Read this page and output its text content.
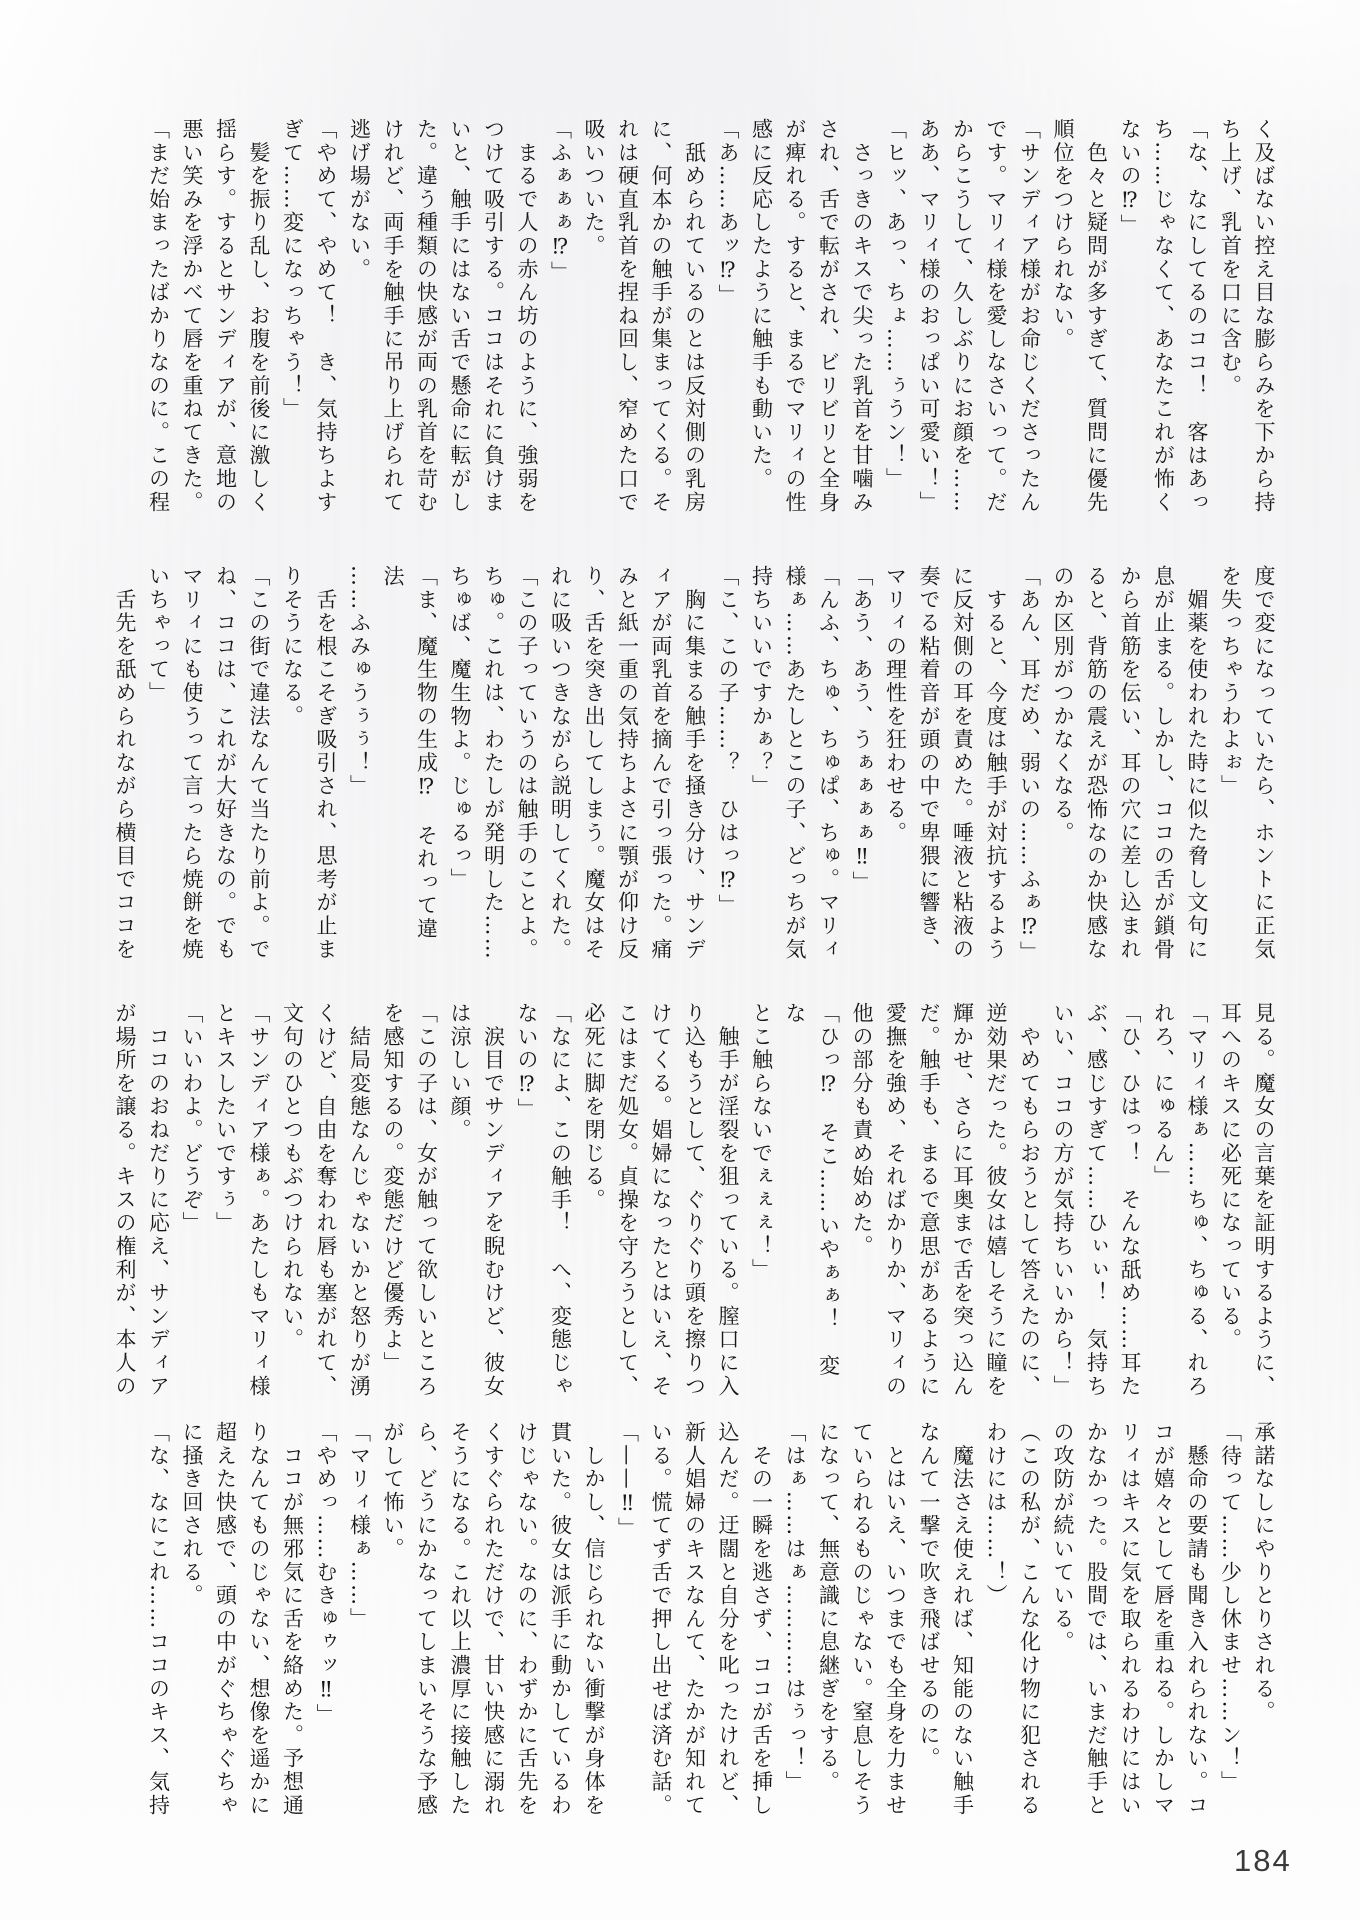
く及ばない控え目な膨らみを下から持

ち上げ、乳首を口に含む。

「な、なにしてるのココ！　客はあっ

ち……じゃなくて、あなたこれが怖く

ないの⁉」

　色々と疑問が多すぎて、質問に優先

順位をつけられない。

「サンディア様がお命じくださったん

です。マリィ様を愛しなさいって。だ

からこうして、久しぶりにお顔を……

ああ、マリィ様のおっぱい可愛い！」

「ヒッ、あっ、ちょ……ぅうン！」

　さっきのキスで尖った乳首を甘噛み

され、舌で転がされ、ビリビリと全身

が痺れる。すると、まるでマリィの性

感に反応したように触手も動いた。

「あ……あッ⁉」

　舐められているのとは反対側の乳房

に、何本かの触手が集まってくる。そ

れは硬直乳首を捏ね回し、窄めた口で

吸いついた。

「ふぁぁぁ⁉」

　まるで人の赤ん坊のように、強弱を

つけて吸引する。ココはそれに負けま

いと、触手にはない舌で懸命に転がし

た。違う種類の快感が両の乳首を苛む

けれど、両手を触手に吊り上げられて

逃げ場がない。

「やめて、やめて！　き、気持ちよす

ぎて……変になっちゃう！」

　髪を振り乱し、お腹を前後に激しく

揺らす。するとサンディアが、意地の

悪い笑みを浮かべて唇を重ねてきた。

「まだ始まったばかりなのに。この程

度で変になっていたら、ホントに正気

を失っちゃうわよぉ」

　媚薬を使われた時に似た脅し文句に

息が止まる。しかし、ココの舌が鎖骨

から首筋を伝い、耳の穴に差し込まれ

ると、背筋の震えが恐怖なのか快感な

のか区別がつかなくなる。

「あん、耳だめ、弱いの……ふぁ⁉」

　すると、今度は触手が対抗するよう

に反対側の耳を責めた。唾液と粘液の

奏でる粘着音が頭の中で卑猥に響き、

マリィの理性を狂わせる。

「あう、あう、うぁぁぁぁ‼」

「んふ、ちゅ、ちゅぱ、ちゅ。マリィ

様ぁ……あたしとこの子、どっちが気

持ちいいですかぁ？」

「こ、この子……？　ひはっ⁉」

　胸に集まる触手を掻き分け、サンデ

ィアが両乳首を摘んで引っ張った。痛

みと紙一重の気持ちよさに顎が仰け反

り、舌を突き出してしまう。魔女はそ

れに吸いつきながら説明してくれた。

「この子っていうのは触手のことよ。

ちゅ。これは、わたしが発明した……

ちゅば、魔生物よ。じゅるっ」

「ま、魔生物の生成⁉　それって違法

……ふみゅうぅぅ！」

　舌を根こそぎ吸引され、思考が止ま

りそうになる。

「この街で違法なんて当たり前よ。で

ね、ココは、これが大好きなの。でも

マリィにも使うって言ったら焼餅を焼

いちゃって」

　舌先を舐められながら横目でココを

見る。魔女の言葉を証明するように、

耳へのキスに必死になっている。

「マリィ様ぁ……ちゅ、ちゅる、れろ

れろ、にゅるん」

「ひ、ひはっ！　そんな舐め……耳た

ぶ、感じすぎて……ひぃぃ！　気持ち

いい、ココの方が気持ちいいから！」

　やめてもらおうとして答えたのに、

逆効果だった。彼女は嬉しそうに瞳を

輝かせ、さらに耳奥まで舌を突っ込ん

だ。触手も、まるで意思があるように

愛撫を強め、そればかりか、マリィの

他の部分も責め始めた。

「ひっ⁉　そこ……いやぁぁ！　変な

とこ触らないでぇぇぇ！」

　触手が淫裂を狙っている。膣口に入

り込もうとして、ぐりぐり頭を擦りつ

けてくる。娼婦になったとはいえ、そ

こはまだ処女。貞操を守ろうとして、

必死に脚を閉じる。

「なによ、この触手！　へ、変態じゃ

ないの⁉」

　涙目でサンディアを睨むけど、彼女

は涼しい顔。

「この子は、女が触って欲しいところ

を感知するの。変態だけど優秀よ」

　結局変態なんじゃないかと怒りが湧

くけど、自由を奪われ唇も塞がれて、

文句のひとつもぶつけられない。

「サンディア様ぁ。あたしもマリィ様

とキスしたいですぅ」

「いいわよ。どうぞ」

　ココのおねだりに応え、サンディア

が場所を譲る。キスの権利が、本人の

承諾なしにやりとりされる。

「待って……少し休ませ……ン！」

　懸命の要請も聞き入れられない。コ

コが嬉々として唇を重ねる。しかしマ

リィはキスに気を取られるわけにはい

かなかった。股間では、いまだ触手と

の攻防が続いている。

（この私が、こんな化け物に犯される

わけには……！）

　魔法さえ使えれば、知能のない触手

なんて一撃で吹き飛ばせるのに。

　とはいえ、いつまでも全身を力ませ

ていられるものじゃない。窒息しそう

になって、無意識に息継ぎをする。

「はぁ……はぁ…………はぅっ！」

　その一瞬を逃さず、ココが舌を挿し

込んだ。迂闊と自分を叱ったけれど、

新人娼婦のキスなんて、たかが知れて

いる。慌てず舌で押し出せば済む話。

「——‼」

　しかし、信じられない衝撃が身体を

貫いた。彼女は派手に動かしているわ

けじゃない。なのに、わずかに舌先を

くすぐられただけで、甘い快感に溺れ

そうになる。これ以上濃厚に接触した

ら、どうにかなってしまいそうな予感

がして怖い。

「マリィ様ぁ……」

「やめっ……むきゅゥッ‼」

　ココが無邪気に舌を絡めた。予想通

りなんてものじゃない、想像を遥かに

超えた快感で、頭の中がぐちゃぐちゃ

に掻き回される。

「な、なにこれ……ココのキス、気持

184
